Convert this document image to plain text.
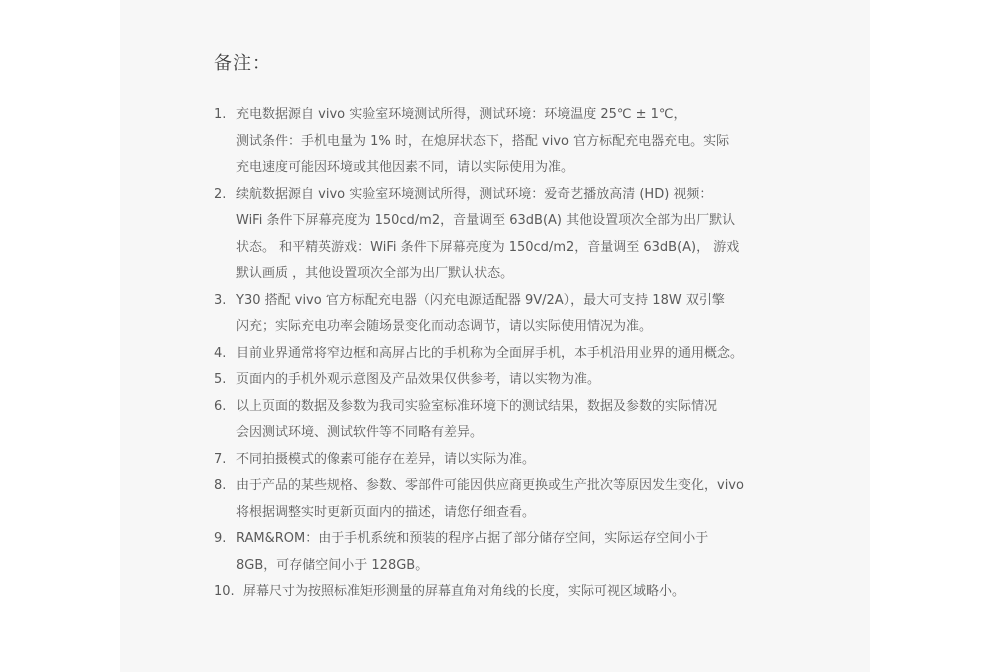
备注：
1. 充电数据源自 vivo 实验室环境测试所得，测试环境：环境温度 25℃ ± 1℃，
测试条件：手机电量为 1% 时，在熄屏状态下，搭配 vivo 官方标配充电器充电。实际
充电速度可能因环境或其他因素不同，请以实际使用为准。
2. 续航数据源自 vivo 实验室环境测试所得，测试环境：爱奇艺播放高清 (HD) 视频：
WiFi 条件下屏幕亮度为 150cd/m2，音量调至 63dB(A) 其他设置项次全部为出厂默认
状态。 和平精英游戏：WiFi 条件下屏幕亮度为 150cd/m2，音量调至 63dB(A)， 游戏
默认画质 ，其他设置项次全部为出厂默认状态。
3. Y30 搭配 vivo 官方标配充电器（闪充电源适配器 9V/2A），最大可支持 18W 双引擎
闪充；实际充电功率会随场景变化而动态调节，请以实际使用情况为准。
4. 目前业界通常将窄边框和高屏占比的手机称为全面屏手机，本手机沿用业界的通用概念。
5. 页面内的手机外观示意图及产品效果仅供参考，请以实物为准。
6. 以上页面的数据及参数为我司实验室标准环境下的测试结果，数据及参数的实际情况
会因测试环境、测试软件等不同略有差异。
7. 不同拍摄模式的像素可能存在差异，请以实际为准。
8. 由于产品的某些规格、参数、零部件可能因供应商更换或生产批次等原因发生变化，vivo
将根据调整实时更新页面内的描述，请您仔细查看。
9. RAM&ROM：由于手机系统和预装的程序占据了部分储存空间，实际运存空间小于
8GB，可存储空间小于 128GB。
10. 屏幕尺寸为按照标准矩形测量的屏幕直角对角线的长度，实际可视区域略小。
